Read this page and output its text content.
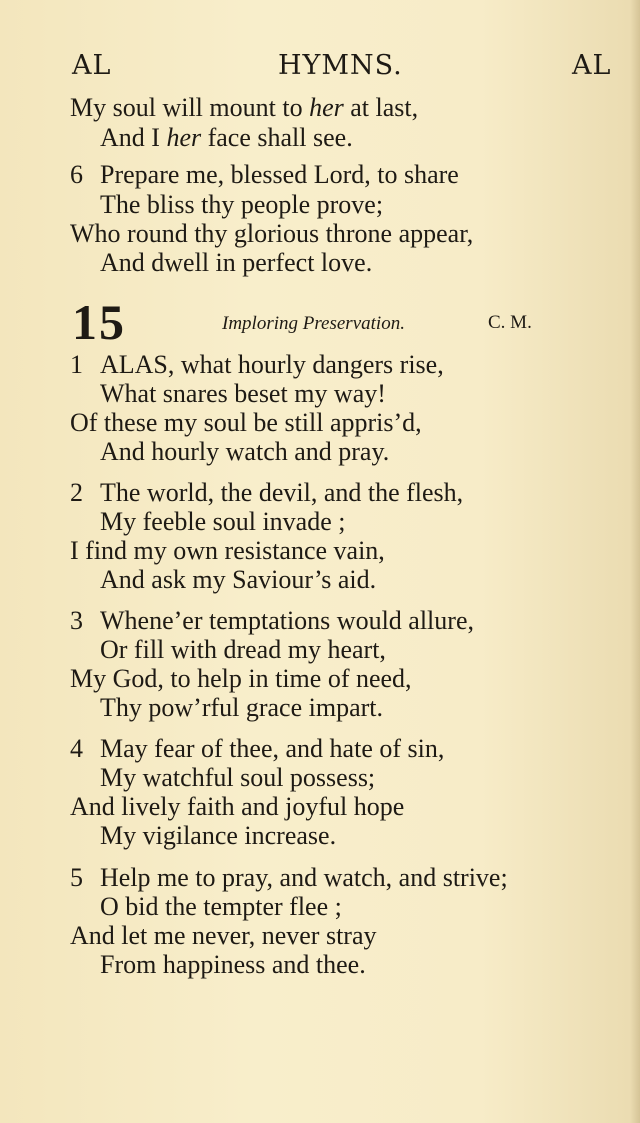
AL	HYMNS.	AL
My soul will mount to her at last,
And I her face shall see.
6 Prepare me, blessed Lord, to share
The bliss thy people prove;
Who round thy glorious throne appear,
And dwell in perfect love.
15	Imploring Preservation.	C. M.
1 ALAS, what hourly dangers rise,
What snares beset my way!
Of these my soul be still appris’d,
And hourly watch and pray.
2 The world, the devil, and the flesh,
My feeble soul invade ;
I find my own resistance vain,
And ask my Saviour’s aid.
3 Whene’er temptations would allure,
Or fill with dread my heart,
My God, to help in time of need,
Thy pow’rful grace impart.
4 May fear of thee, and hate of sin,
My watchful soul possess;
And lively faith and joyful hope
My vigilance increase.
5 Help me to pray, and watch, and strive;
O bid the tempter flee ;
And let me never, never stray
From happiness and thee.
